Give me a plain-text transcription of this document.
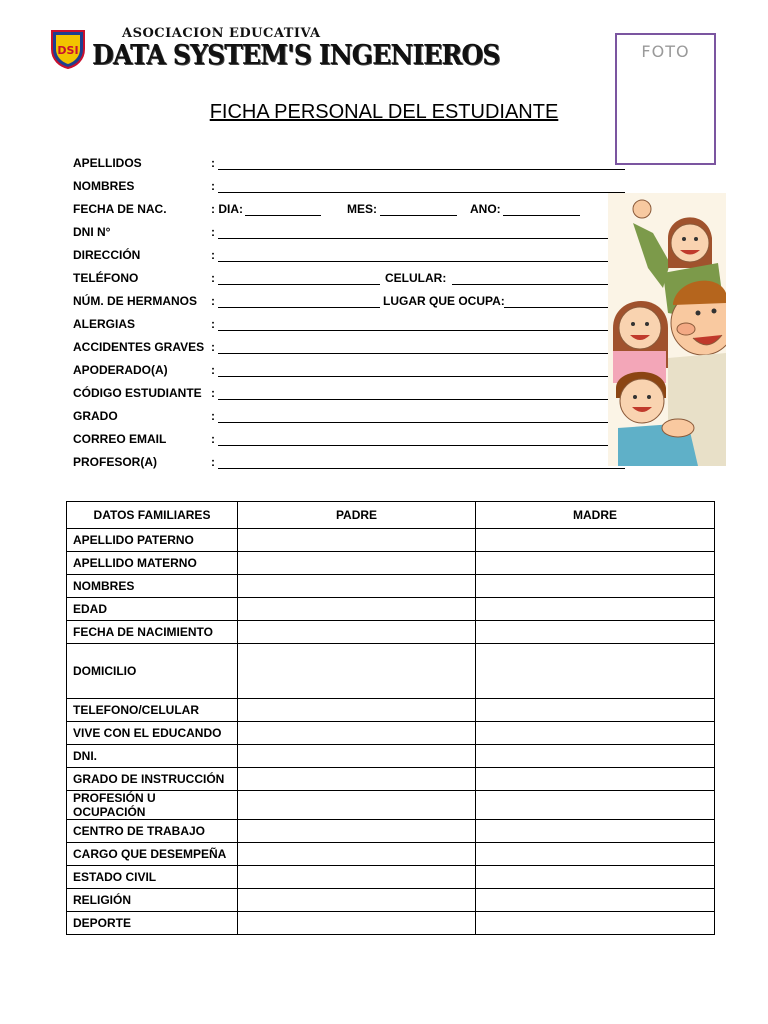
DSI
ASOCIACION EDUCATIVA
DATA SYSTEM'S INGENIEROS	FOTO
FICHA PERSONAL DEL ESTUDIANTE
APELLIDOS	:
NOMBRES	:
FECHA DE NAC.	: DIA:	MES:	ANO:
DNI N°	:
DIRECCIÓN	:
TELÉFONO	:	CELULAR:
NÚM. DE HERMANOS :	LUGAR QUE OCUPA:
ALERGIAS	:
ACCIDENTES GRAVES :
APODERADO(A)	:
CÓDIGO ESTUDIANTE :
GRADO	:
CORREO EMAIL	:
PROFESOR(A)	:
DATOS FAMILIARES	PADRE	MADRE
APELLIDO PATERNO		
APELLIDO MATERNO		
NOMBRES		
EDAD		
FECHA DE NACIMIENTO		
DOMICILIO		
TELEFONO/CELULAR		
VIVE CON EL EDUCANDO		
DNI.		
GRADO DE INSTRUCCIÓN		
PROFESIÓN U OCUPACIÓN		
CENTRO DE TRABAJO		
CARGO QUE DESEMPEÑA		
ESTADO CIVIL		
RELIGIÓN		
DEPORTE		
